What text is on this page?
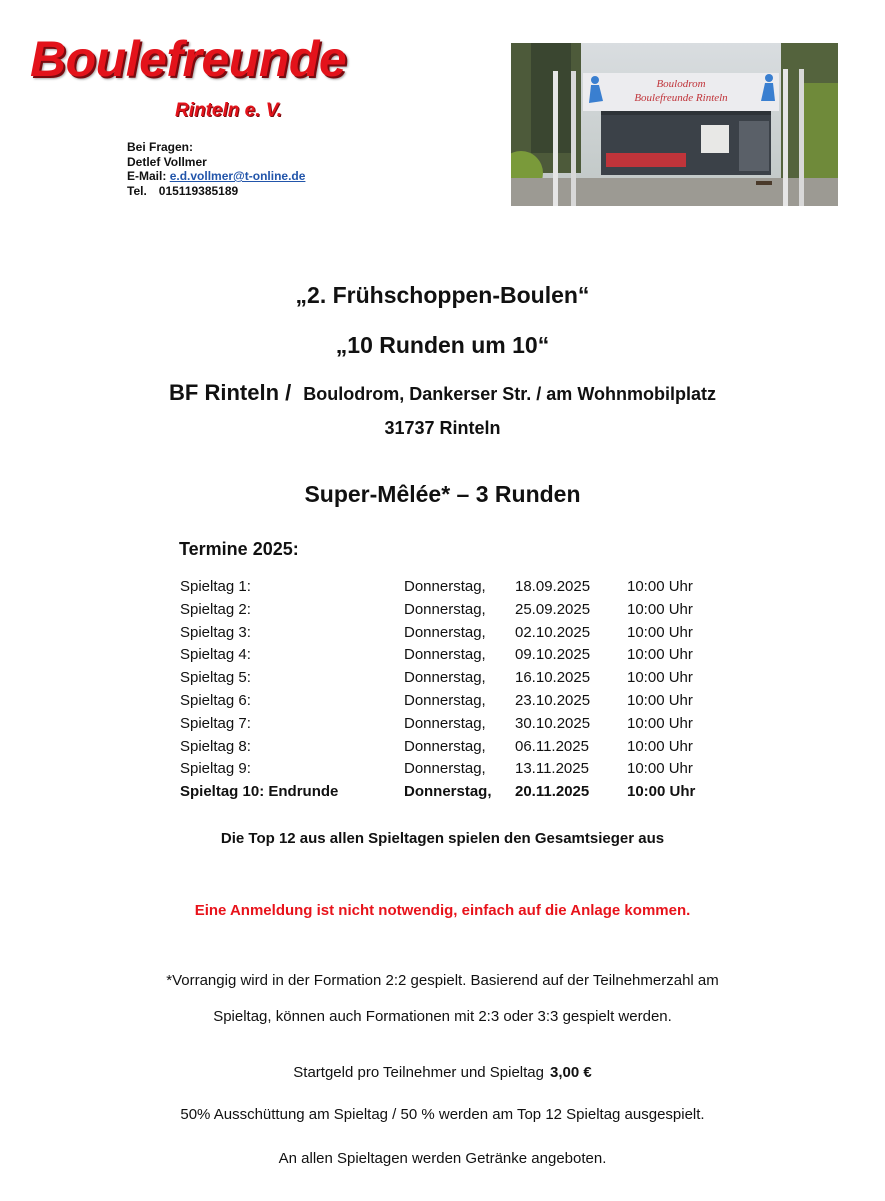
Boulefreunde
Rinteln e. V.
Bei Fragen:
Detlef Vollmer
E-Mail: e.d.vollmer@t-online.de
Tel. 015119385189
Boulodrom
Boulefreunde Rinteln
„2. Frühschoppen-Boulen“
„10 Runden um 10“
BF Rinteln / Boulodrom, Dankerser Str. / am Wohnmobilplatz
31737 Rinteln
Super-Mêlée* – 3 Runden
Termine 2025:
Spieltag 1:	Donnerstag, 18.09.2025 10:00 Uhr
Spieltag 2:	Donnerstag, 25.09.2025 10:00 Uhr
Spieltag 3:	Donnerstag, 02.10.2025 10:00 Uhr
Spieltag 4:	Donnerstag, 09.10.2025 10:00 Uhr
Spieltag 5:	Donnerstag, 16.10.2025 10:00 Uhr
Spieltag 6:	Donnerstag, 23.10.2025 10:00 Uhr
Spieltag 7:	Donnerstag, 30.10.2025 10:00 Uhr
Spieltag 8:	Donnerstag, 06.11.2025	10:00 Uhr
Spieltag 9:	Donnerstag, 13.11.2025	10:00 Uhr
Spieltag 10: Endrunde	Donnerstag, 20.11.2025	10:00 Uhr
Die Top 12 aus allen Spieltagen spielen den Gesamtsieger aus
Eine Anmeldung ist nicht notwendig, einfach auf die Anlage kommen.
*Vorrangig wird in der Formation 2:2 gespielt. Basierend auf der Teilnehmerzahl am
Spieltag, können auch Formationen mit 2:3 oder 3:3 gespielt werden.
Startgeld pro Teilnehmer und Spieltag 3,00 €
50% Ausschüttung am Spieltag / 50 % werden am Top 12 Spieltag ausgespielt.
An allen Spieltagen werden Getränke angeboten.
